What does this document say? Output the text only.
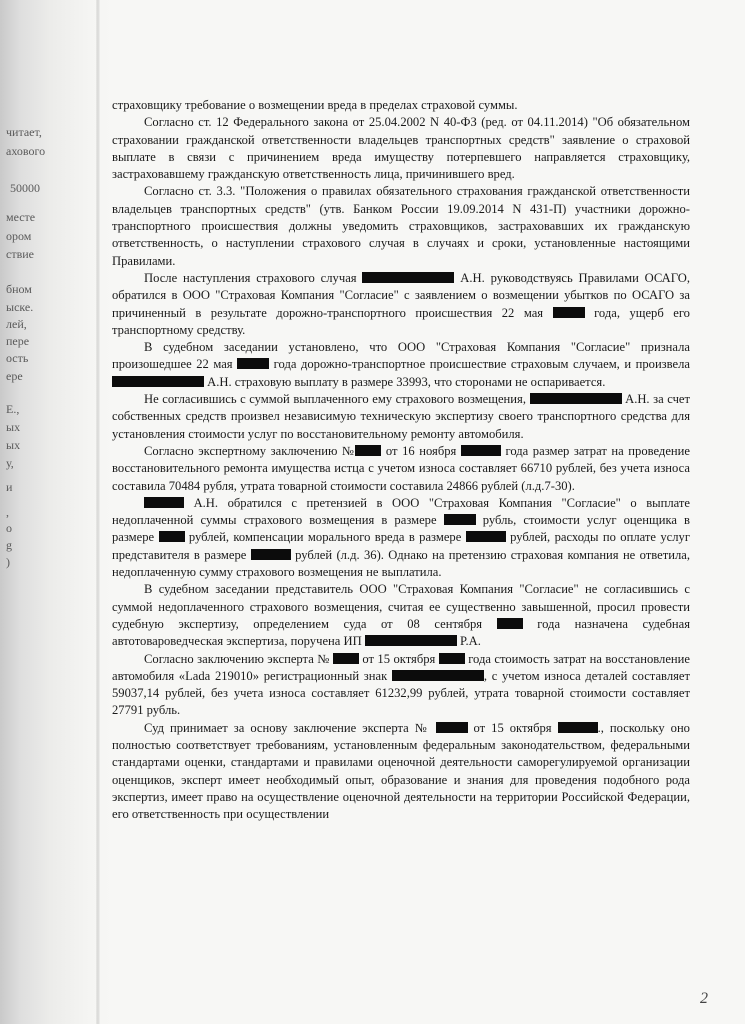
читает,
ахового
50000
месте
ором
ствие
бном
ыске.
лей,
пере
ость
ере
Е.,
ых
ых
у,
и
,
о
g
)

страховщику требование о возмещении вреда в пределах страховой суммы.

Согласно ст. 12 Федерального закона от 25.04.2002 N 40-ФЗ (ред. от 04.11.2014) "Об обязательном страховании гражданской ответственности владельцев транспортных средств" заявление о страховой выплате в связи с причинением вреда имуществу потерпевшего направляется страховщику, застраховавшему гражданскую ответственность лица, причинившего вред.

Согласно ст. 3.3. "Положения о правилах обязательного страхования гражданской ответственности владельцев транспортных средств" (утв. Банком России 19.09.2014 N 431-П) участники дорожно-транспортного происшествия должны уведомить страховщиков, застраховавших их гражданскую ответственность, о наступлении страхового случая в случаях и сроки, установленные настоящими Правилами.

После наступления страхового случая	А.Н. руководствуясь Правилами ОСАГО, обратился в ООО "Страховая Компания "Согласие" с заявлением о возмещении убытков по ОСАГО за причиненный в результате дорожно-транспортного происшествия 22 мая	года, ущерб его транспортному средству.

В судебном заседании установлено, что ООО "Страховая Компания "Согласие" признала произошедшее 22 мая	года дорожно-транспортное происшествие страховым случаем, и произвела  А.Н. страховую выплату в размере 33993, что сторонами не оспаривается.

Не согласившись с суммой выплаченного ему страхового возмещения,	А.Н. за счет собственных средств произвел независимую техническую экспертизу своего транспортного средства для установления стоимости услуг по восстановительному ремонту автомобиля.

Согласно экспертному заключению № от 16 ноября	года размер затрат на проведение восстановительного ремонта имущества истца с учетом износа составляет 66710 рублей, без учета износа составила 70484 рубля, утрата товарной стоимости составила 24866 рублей (л.д.7-30).

А.Н. обратился с претензией в ООО "Страховая Компания "Согласие" о выплате недоплаченной суммы страхового возмещения в размере	рубль, стоимости услуг оценщика в размере	рублей, компенсации морального вреда в размере	рублей, расходы по оплате услуг представителя в размере	рублей (л.д. 36). Однако на претензию страховая компания не ответила, недоплаченную сумму страхового возмещения не выплатила.

В судебном заседании представитель ООО "Страховая Компания "Согласие" не согласившись с суммой недоплаченного страхового возмещения, считая ее существенно завышенной, просил провести судебную экспертизу, определением суда от 08 сентября	года назначена судебная автотовароведческая экспертиза, поручена ИП	Р.А.

Согласно заключению эксперта №	от 15 октября	года стоимость затрат на восстановление автомобиля «Lada 219010» регистрационный знак	, с учетом износа деталей составляет 59037,14 рублей, без учета износа составляет 61232,99 рублей, утрата товарной стоимости составляет 27791 рубль.

Суд принимает за основу заключение эксперта №	от 15 октября	., поскольку оно полностью соответствует требованиям, установленным федеральным законодательством, федеральными стандартами оценки, стандартами и правилами оценочной деятельности саморегулируемой организации оценщиков, эксперт имеет необходимый опыт, образование и знания для проведения подобного рода экспертиз, имеет право на осуществление оценочной деятельности на территории Российской Федерации, его ответственность при осуществлении

2
